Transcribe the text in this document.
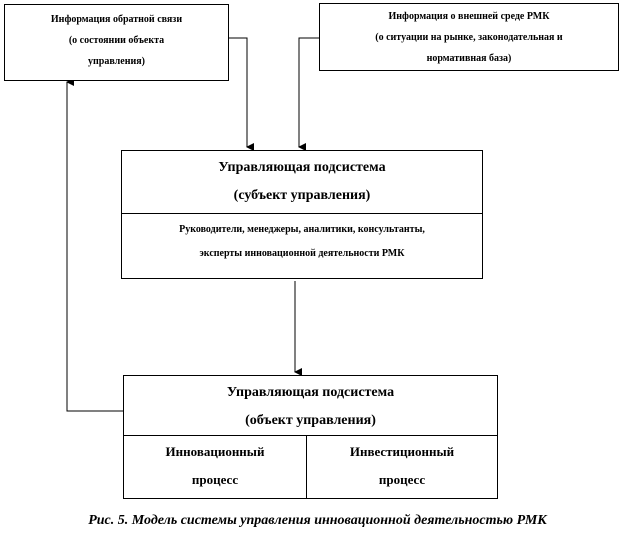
Информация обратной связи
(о состоянии объекта
управления)
Информация о внешней среде РМК
(о ситуации на рынке, законодательная и
нормативная база)
Управляющая подсистема
(субъект управления)
Руководители, менеджеры, аналитики, консультанты,
эксперты инновационной деятельности РМК
Управляющая подсистема
(объект управления)
Инновационный
процесс
Инвестиционный
процесс
Рис. 5. Модель системы управления инновационной деятельностью РМК
